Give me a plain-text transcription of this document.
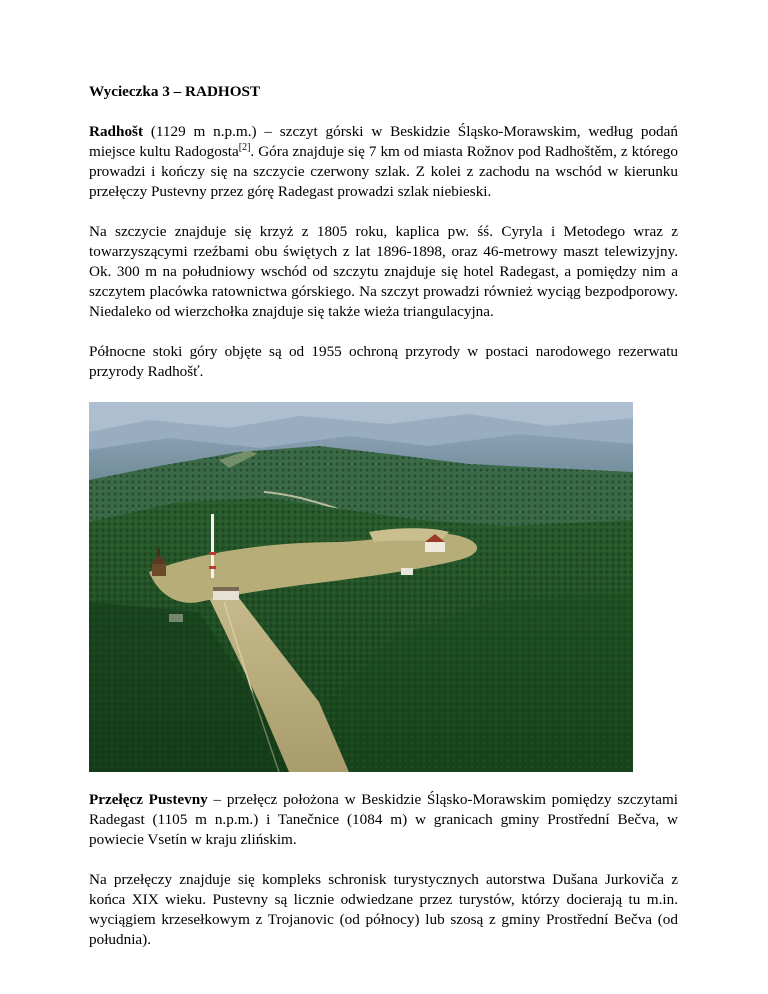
Wycieczka 3 – RADHOST

Radhošt (1129 m n.p.m.) – szczyt górski w Beskidzie Śląsko-Morawskim, według podań miejsce kultu Radogosta[2]. Góra znajduje się 7 km od miasta Rožnov pod Radhoštěm, z którego prowadzi i kończy się na szczycie czerwony szlak. Z kolei z zachodu na wschód w kierunku przełęczy Pustevny przez górę Radegast prowadzi szlak niebieski.

Na szczycie znajduje się krzyż z 1805 roku, kaplica pw. śś. Cyryla i Metodego wraz z towarzyszącymi rzeźbami obu świętych z lat 1896-1898, oraz 46-metrowy maszt telewizyjny. Ok. 300 m na południowy wschód od szczytu znajduje się hotel Radegast, a pomiędzy nim a szczytem placówka ratownictwa górskiego. Na szczyt prowadzi również wyciąg bezpodporowy. Niedaleko od wierzchołka znajduje się także wieża triangulacyjna.

Północne stoki góry objęte są od 1955 ochroną przyrody w postaci narodowego rezerwatu przyrody Radhošť.

Przełęcz Pustevny – przełęcz położona w Beskidzie Śląsko-Morawskim pomiędzy szczytami Radegast (1105 m n.p.m.) i Tanečnice (1084 m) w granicach gminy Prostřední Bečva, w powiecie Vsetín w kraju zlińskim.

Na przełęczy znajduje się kompleks schronisk turystycznych autorstwa Dušana Jurkoviča z końca XIX wieku. Pustevny są licznie odwiedzane przez turystów, którzy docierają tu m.in. wyciągiem krzesełkowym z Trojanovic (od północy) lub szosą z gminy Prostřední Bečva (od południa).
